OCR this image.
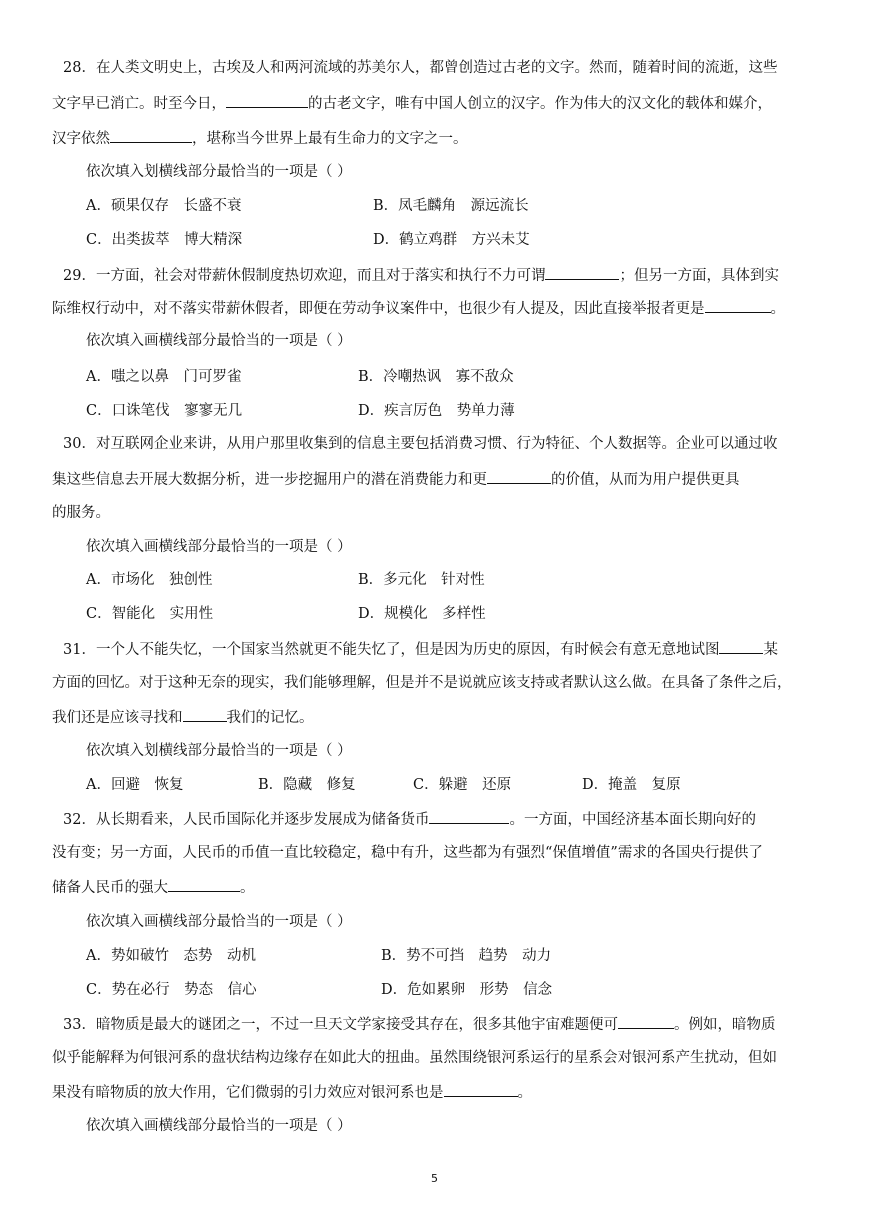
28．在人类文明史上，古埃及人和两河流域的苏美尔人，都曾创造过古老的文字。然而，随着时间的流逝，这些
文字早已消亡。时至今日，	的古老文字，唯有中国人创立的汉字。作为伟大的汉文化的载体和媒介，
汉字依然	，堪称当今世界上最有生命力的文字之一。
依次填入划横线部分最恰当的一项是（ ）
A．硕果仅存　长盛不衰	B．凤毛麟角　源远流长
C．出类拔萃　博大精深	D．鹤立鸡群　方兴未艾
29．一方面，社会对带薪休假制度热切欢迎，而且对于落实和执行不力可谓	；但另一方面，具体到实
际维权行动中，对不落实带薪休假者，即便在劳动争议案件中，也很少有人提及，因此直接举报者更是	。
依次填入画横线部分最恰当的一项是（ ）
A．嗤之以鼻　门可罗雀	B．冷嘲热讽　寡不敌众
C．口诛笔伐　寥寥无几	D．疾言厉色　势单力薄
30．对互联网企业来讲，从用户那里收集到的信息主要包括消费习惯、行为特征、个人数据等。企业可以通过收
集这些信息去开展大数据分析，进一步挖掘用户的潜在消费能力和更	的价值，从而为用户提供更具
的服务。
依次填入画横线部分最恰当的一项是（ ）
A．市场化　独创性	B．多元化　针对性
C．智能化　实用性	D．规模化　多样性
31．一个人不能失忆，一个国家当然就更不能失忆了，但是因为历史的原因，有时候会有意无意地试图	某
方面的回忆。对于这种无奈的现实，我们能够理解，但是并不是说就应该支持或者默认这么做。在具备了条件之后，
我们还是应该寻找和	我们的记忆。
依次填入划横线部分最恰当的一项是（ ）
A．回避　恢复	B．隐藏　修复	C．躲避　还原	D．掩盖　复原
32．从长期看来，人民币国际化并逐步发展成为储备货币	。一方面，中国经济基本面长期向好的
没有变；另一方面，人民币的币值一直比较稳定，稳中有升，这些都为有强烈“保值增值”需求的各国央行提供了
储备人民币的强大	。
依次填入画横线部分最恰当的一项是（ ）
A．势如破竹　态势　动机	B．势不可挡　趋势　动力
C．势在必行　势态　信心	D．危如累卵　形势　信念
33．暗物质是最大的谜团之一，不过一旦天文学家接受其存在，很多其他宇宙难题便可	。例如，暗物质
似乎能解释为何银河系的盘状结构边缘存在如此大的扭曲。虽然围绕银河系运行的星系会对银河系产生扰动，但如
果没有暗物质的放大作用，它们微弱的引力效应对银河系也是	。
依次填入画横线部分最恰当的一项是（ ）
5
